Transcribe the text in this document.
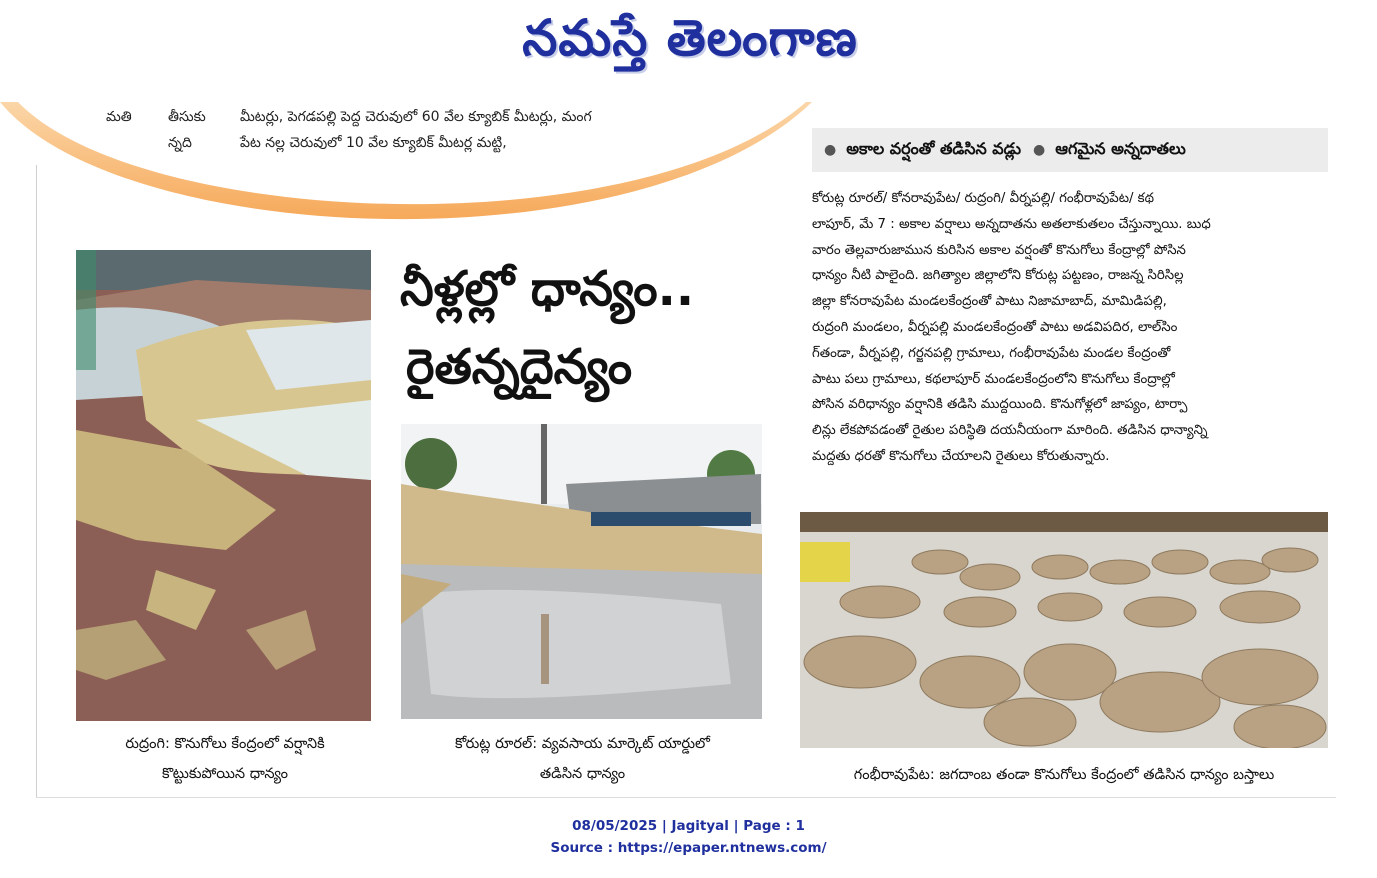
నమస్తే తెలంగాణ
మతి	తీసుకు
న్నది
మీటర్లు, పెగడపల్లి పెద్ద చెరువులో 60 వేల క్యూబిక్ మీటర్లు, మంగ
పేట నల్ల చెరువులో 10 వేల క్యూబిక్ మీటర్ల మట్టి,
నీళ్లల్లో ధాన్యం..
రైతన్నదైన్యం
రుద్రంగి: కొనుగోలు కేంద్రంలో వర్షానికి
కొట్టుకుపోయిన ధాన్యం
కోరుట్ల రూరల్: వ్యవసాయ మార్కెట్ యార్డులో
తడిసిన ధాన్యం	గంభీరావుపేట: జగదాంబ తండా కొనుగోలు కేంద్రంలో తడిసిన ధాన్యం బస్తాలు
● అకాల వర్షంతో తడిసిన వడ్లు ● ఆగమైన అన్నదాతలు
కోరుట్ల రూరల్/ కోనరావుపేట/ రుద్రంగి/ వీర్నపల్లి/ గంభీరావుపేట/ కథ
లాపూర్, మే 7 : అకాల వర్షాలు అన్నదాతను అతలాకుతలం చేస్తున్నాయి. బుధ
వారం తెల్లవారుజామున కురిసిన అకాల వర్షంతో కొనుగోలు కేంద్రాల్లో పోసిన
ధాన్యం నీటి పాలైంది. జగిత్యాల జిల్లాలోని కోరుట్ల పట్టణం, రాజన్న సిరిసిల్ల
జిల్లా కోనరావుపేట మండలకేంద్రంతో పాటు నిజామాబాద్, మామిడిపల్లి,
రుద్రంగి మండలం, వీర్నపల్లి మండలకేంద్రంతో పాటు అడవిపదిర, లాల్‌సిం
గ్‌తండా, వీర్నపల్లి, గర్జనపల్లి గ్రామాలు, గంభీరావుపేట మండల కేంద్రంతో
పాటు పలు గ్రామాలు, కథలాపూర్ మండలకేంద్రంలోని కొనుగోలు కేంద్రాల్లో
పోసిన వరిధాన్యం వర్షానికి తడిసి ముద్దయింది. కొనుగోళ్లలో జాప్యం, టార్పా
లిన్లు లేకపోవడంతో రైతుల పరిస్థితి దయనీయంగా మారింది. తడిసిన ధాన్యాన్ని
మద్దతు ధరతో కొనుగోలు చేయాలని రైతులు కోరుతున్నారు.
08/05/2025 | Jagityal | Page : 1
Source : https://epaper.ntnews.com/
